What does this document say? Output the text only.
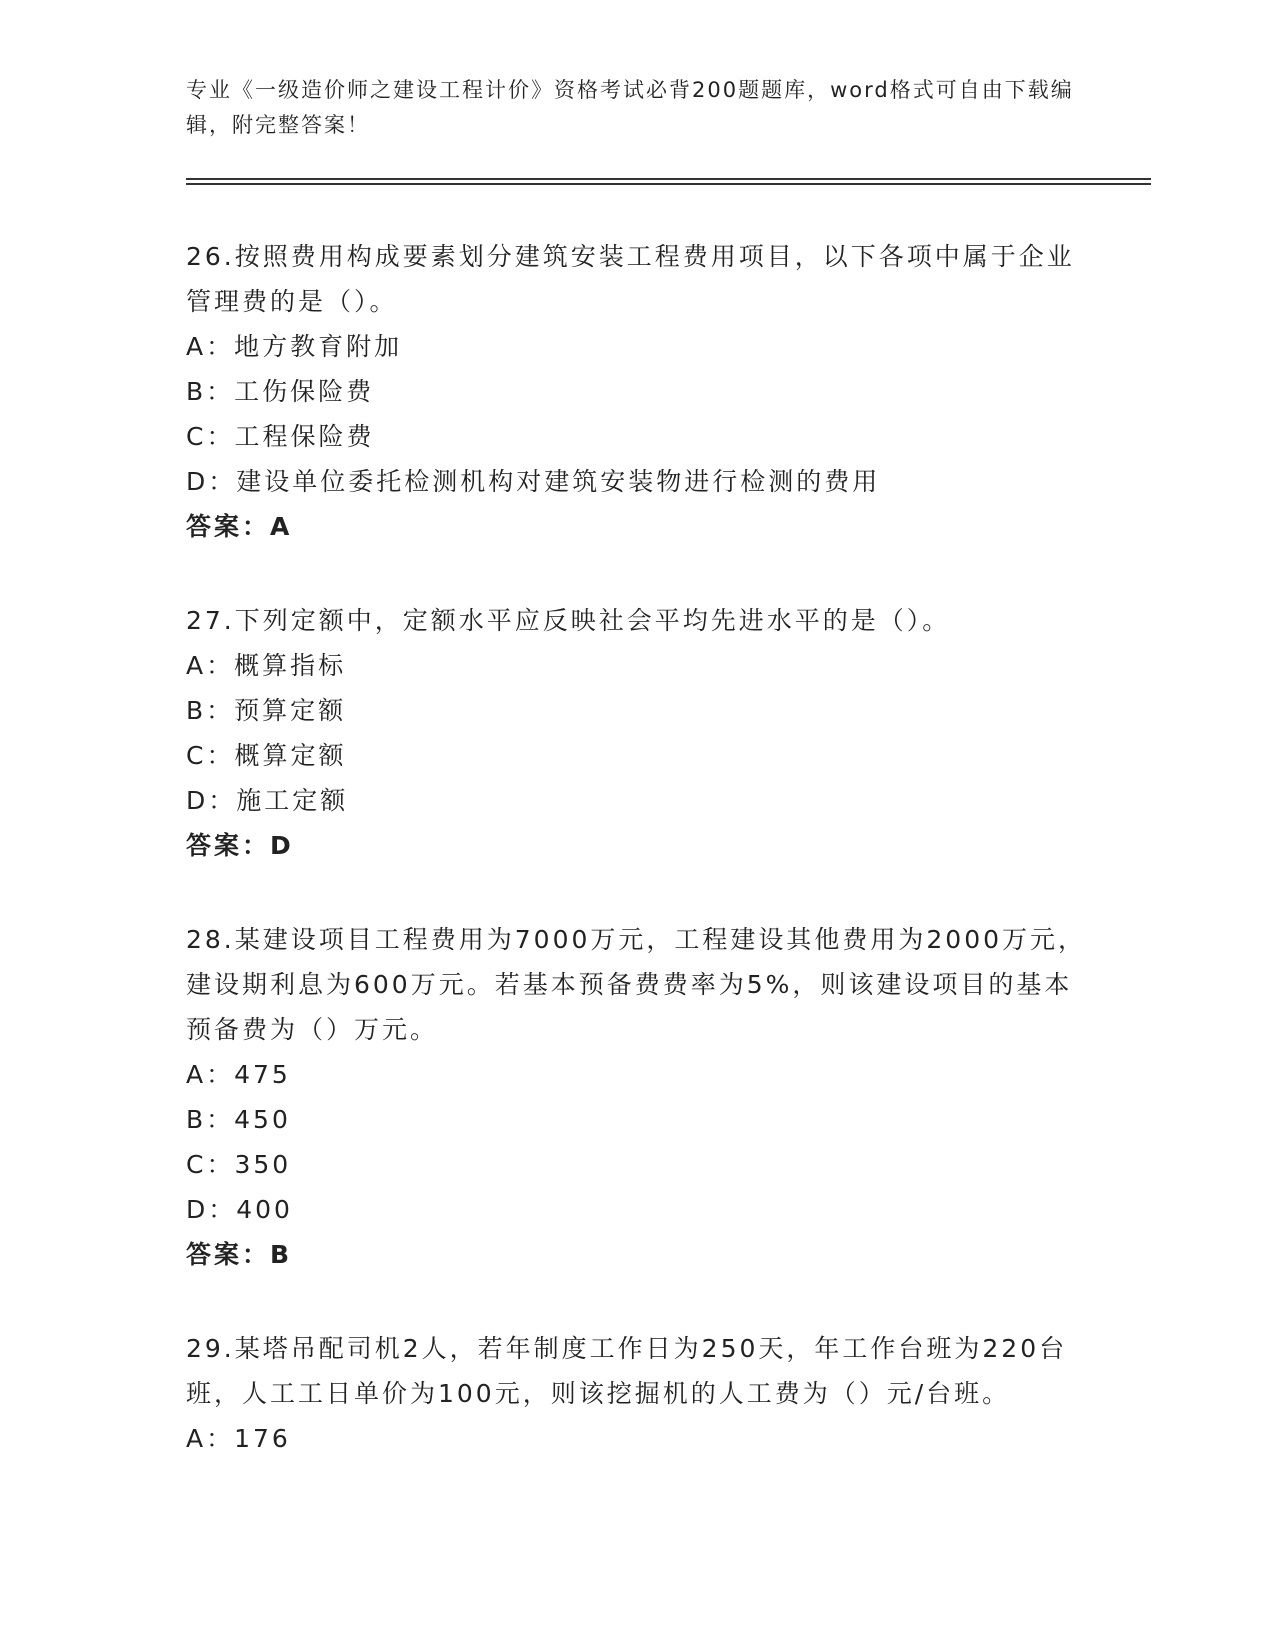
专业《一级造价师之建设工程计价》资格考试必背200题题库，word格式可自由下载编辑，附完整答案！

26.按照费用构成要素划分建筑安装工程费用项目，以下各项中属于企业管理费的是（）。

A：地方教育附加

B：工伤保险费

C：工程保险费

D：建设单位委托检测机构对建筑安装物进行检测的费用

答案：A

27.下列定额中，定额水平应反映社会平均先进水平的是（）。

A：概算指标

B：预算定额

C：概算定额

D：施工定额

答案：D

28.某建设项目工程费用为7000万元，工程建设其他费用为2000万元，建设期利息为600万元。若基本预备费费率为5%，则该建设项目的基本预备费为（）万元。

A：475

B：450

C：350

D：400

答案：B

29.某塔吊配司机2人，若年制度工作日为250天，年工作台班为220台班，人工工日单价为100元，则该挖掘机的人工费为（）元/台班。

A：176
